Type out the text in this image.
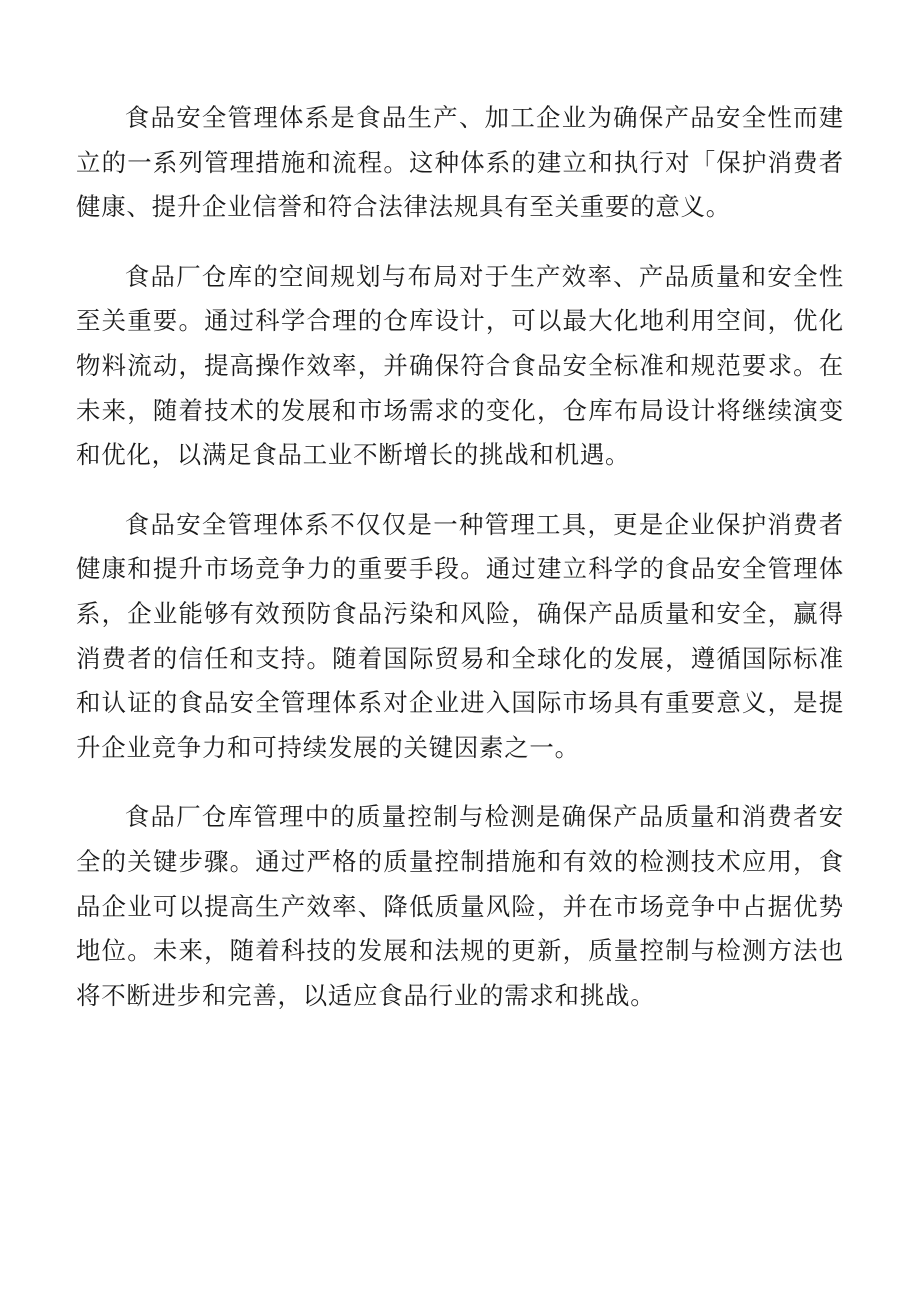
食品安全管理体系是食品生产、加工企业为确保产品安全性而建立的一系列管理措施和流程。这种体系的建立和执行对「保护消费者健康、提升企业信誉和符合法律法规具有至关重要的意义。

食品厂仓库的空间规划与布局对于生产效率、产品质量和安全性至关重要。通过科学合理的仓库设计，可以最大化地利用空间，优化物料流动，提高操作效率，并确保符合食品安全标准和规范要求。在未来，随着技术的发展和市场需求的变化，仓库布局设计将继续演变和优化，以满足食品工业不断增长的挑战和机遇。

食品安全管理体系不仅仅是一种管理工具，更是企业保护消费者健康和提升市场竞争力的重要手段。通过建立科学的食品安全管理体系，企业能够有效预防食品污染和风险，确保产品质量和安全，赢得消费者的信任和支持。随着国际贸易和全球化的发展，遵循国际标准和认证的食品安全管理体系对企业进入国际市场具有重要意义，是提升企业竞争力和可持续发展的关键因素之一。

食品厂仓库管理中的质量控制与检测是确保产品质量和消费者安全的关键步骤。通过严格的质量控制措施和有效的检测技术应用，食品企业可以提高生产效率、降低质量风险，并在市场竞争中占据优势地位。未来，随着科技的发展和法规的更新，质量控制与检测方法也将不断进步和完善，以适应食品行业的需求和挑战。
